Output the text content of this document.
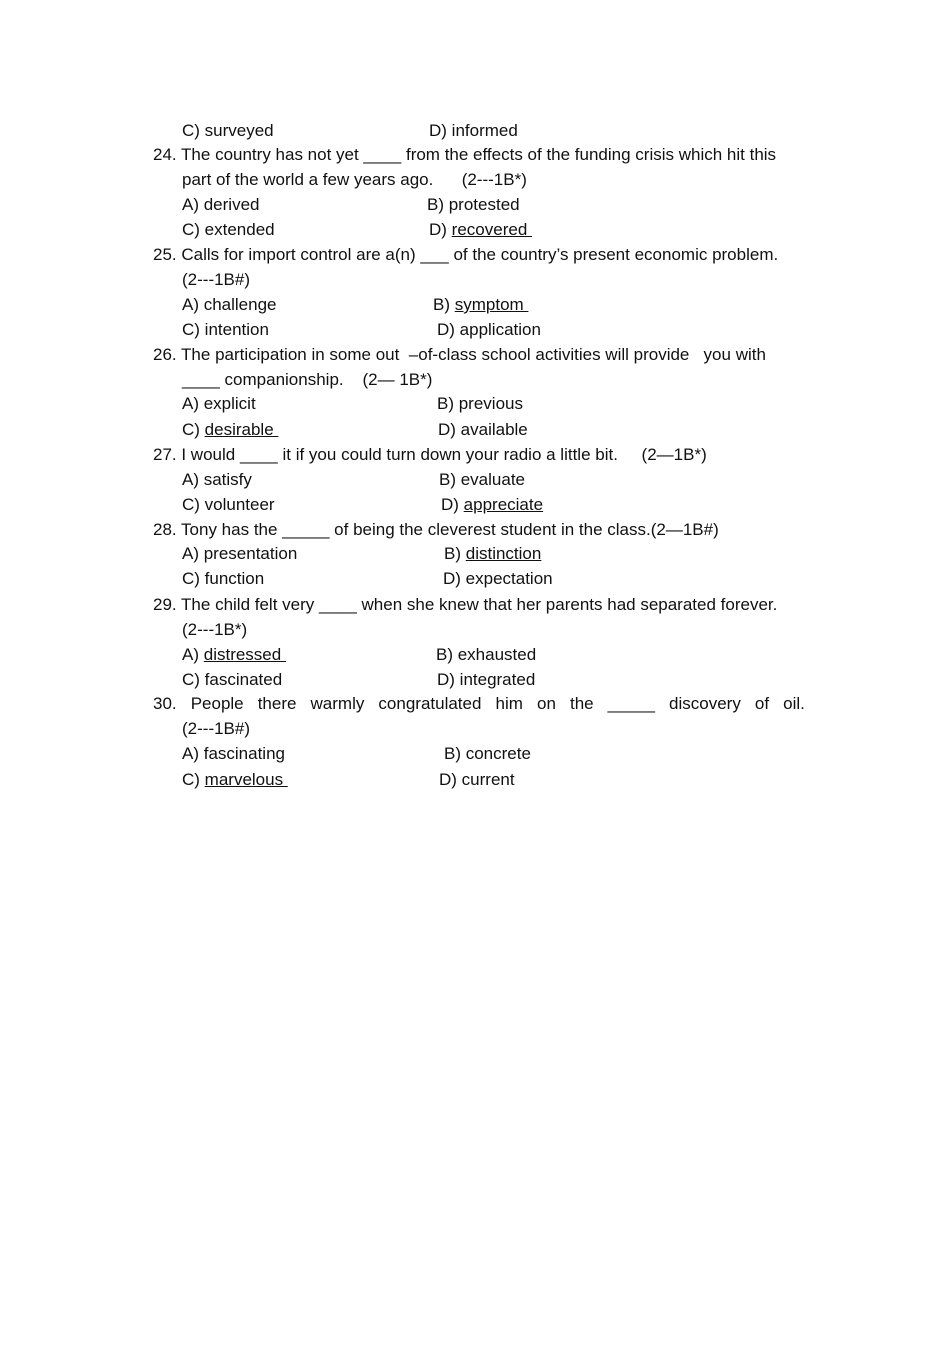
C) surveyed	D) informed
24. The country has not yet ____ from the effects of the funding crisis which hit this
part of the world a few years ago.      (2---1B*)
A) derived	B) protested
C) extended	D) recovered
25. Calls for import control are a(n) ___ of the country’s present economic problem.
(2---1B#)
A) challenge	B) symptom
C) intention	D) application
26. The participation in some out  –of-class school activities will provide   you with
____ companionship.    (2— 1B*)
A) explicit	B) previous
C) desirable	D) available
27. I would ____ it if you could turn down your radio a little bit.     (2—1B*)
A) satisfy	B) evaluate
C) volunteer	D) appreciate
28. Tony has the _____ of being the cleverest student in the class.(2—1B#)
A) presentation	B) distinction
C) function	D) expectation
29. The child felt very ____ when she knew that her parents had separated forever.
(2---1B*)
A) distressed	B) exhausted
C) fascinated	D) integrated
30. People there warmly congratulated him on the _____ discovery of oil.
(2---1B#)
A) fascinating	B) concrete
C) marvelous	D) current
